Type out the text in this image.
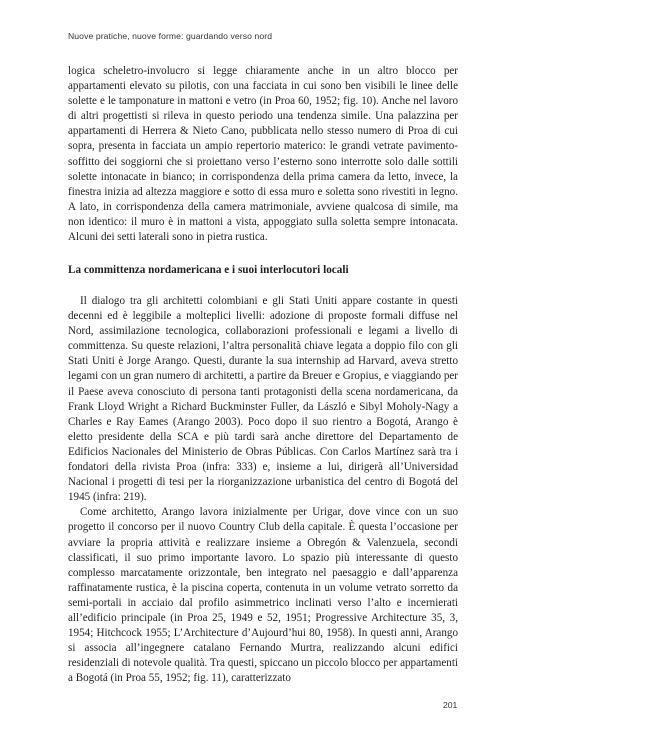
Nuove pratiche, nuove forme: guardando verso nord

logica scheletro-involucro si legge chiaramente anche in un altro blocco per appartamenti elevato su pilotis, con una facciata in cui sono ben visibili le linee delle solette e le tamponature in mattoni e vetro (in Proa 60, 1952; fig. 10). Anche nel lavoro di altri progettisti si rileva in questo periodo una tendenza simile. Una palazzina per appartamenti di Herrera & Nieto Cano, pubblicata nello stesso numero di Proa di cui sopra, presenta in facciata un ampio repertorio materico: le grandi vetrate pavimento-soffitto dei soggiorni che si proiettano verso l’esterno sono interrotte solo dalle sottili solette intonacate in bianco; in corrispondenza della prima camera da letto, invece, la finestra inizia ad altezza maggiore e sotto di essa muro e soletta sono rivestiti in legno. A lato, in corrispondenza della camera matrimoniale, avviene qualcosa di simile, ma non identico: il muro è in mattoni a vista, appoggiato sulla soletta sempre intonacata. Alcuni dei setti laterali sono in pietra rustica.

La committenza nordamericana e i suoi interlocutori locali

Il dialogo tra gli architetti colombiani e gli Stati Uniti appare costante in questi decenni ed è leggibile a molteplici livelli: adozione di proposte formali diffuse nel Nord, assimilazione tecnologica, collaborazioni professionali e legami a livello di committenza. Su queste relazioni, l’altra personalità chiave legata a doppio filo con gli Stati Uniti è Jorge Arango. Questi, durante la sua internship ad Harvard, aveva stretto legami con un gran numero di architetti, a partire da Breuer e Gropius, e viaggiando per il Paese aveva conosciuto di persona tanti protagonisti della scena nordamericana, da Frank Lloyd Wright a Richard Buckminster Fuller, da László e Sibyl Moholy-Nagy a Charles e Ray Eames (Arango 2003). Poco dopo il suo rientro a Bogotá, Arango è eletto presidente della SCA e più tardi sarà anche direttore del Departamento de Edificios Nacionales del Ministerio de Obras Públicas. Con Carlos Martínez sarà tra i fondatori della rivista Proa (infra: 333) e, insieme a lui, dirigerà all’Universidad Nacional i progetti di tesi per la riorganizzazione urbanistica del centro di Bogotá del 1945 (infra: 219).

Come architetto, Arango lavora inizialmente per Urigar, dove vince con un suo progetto il concorso per il nuovo Country Club della capitale. È questa l’occasione per avviare la propria attività e realizzare insieme a Obregón & Valenzuela, secondi classificati, il suo primo importante lavoro. Lo spazio più interessante di questo complesso marcatamente orizzontale, ben integrato nel paesaggio e dall’apparenza raffinatamente rustica, è la piscina coperta, contenuta in un volume vetrato sorretto da semi-portali in acciaio dal profilo asimmetrico inclinati verso l’alto e incernierati all’edificio principale (in Proa 25, 1949 e 52, 1951; Progressive Architecture 35, 3, 1954; Hitchcock 1955; L’Architecture d’Aujourd’hui 80, 1958). In questi anni, Arango si associa all’ingegnere catalano Fernando Murtra, realizzando alcuni edifici residenziali di notevole qualità. Tra questi, spiccano un piccolo blocco per appartamenti a Bogotá (in Proa 55, 1952; fig. 11), caratterizzato

201
